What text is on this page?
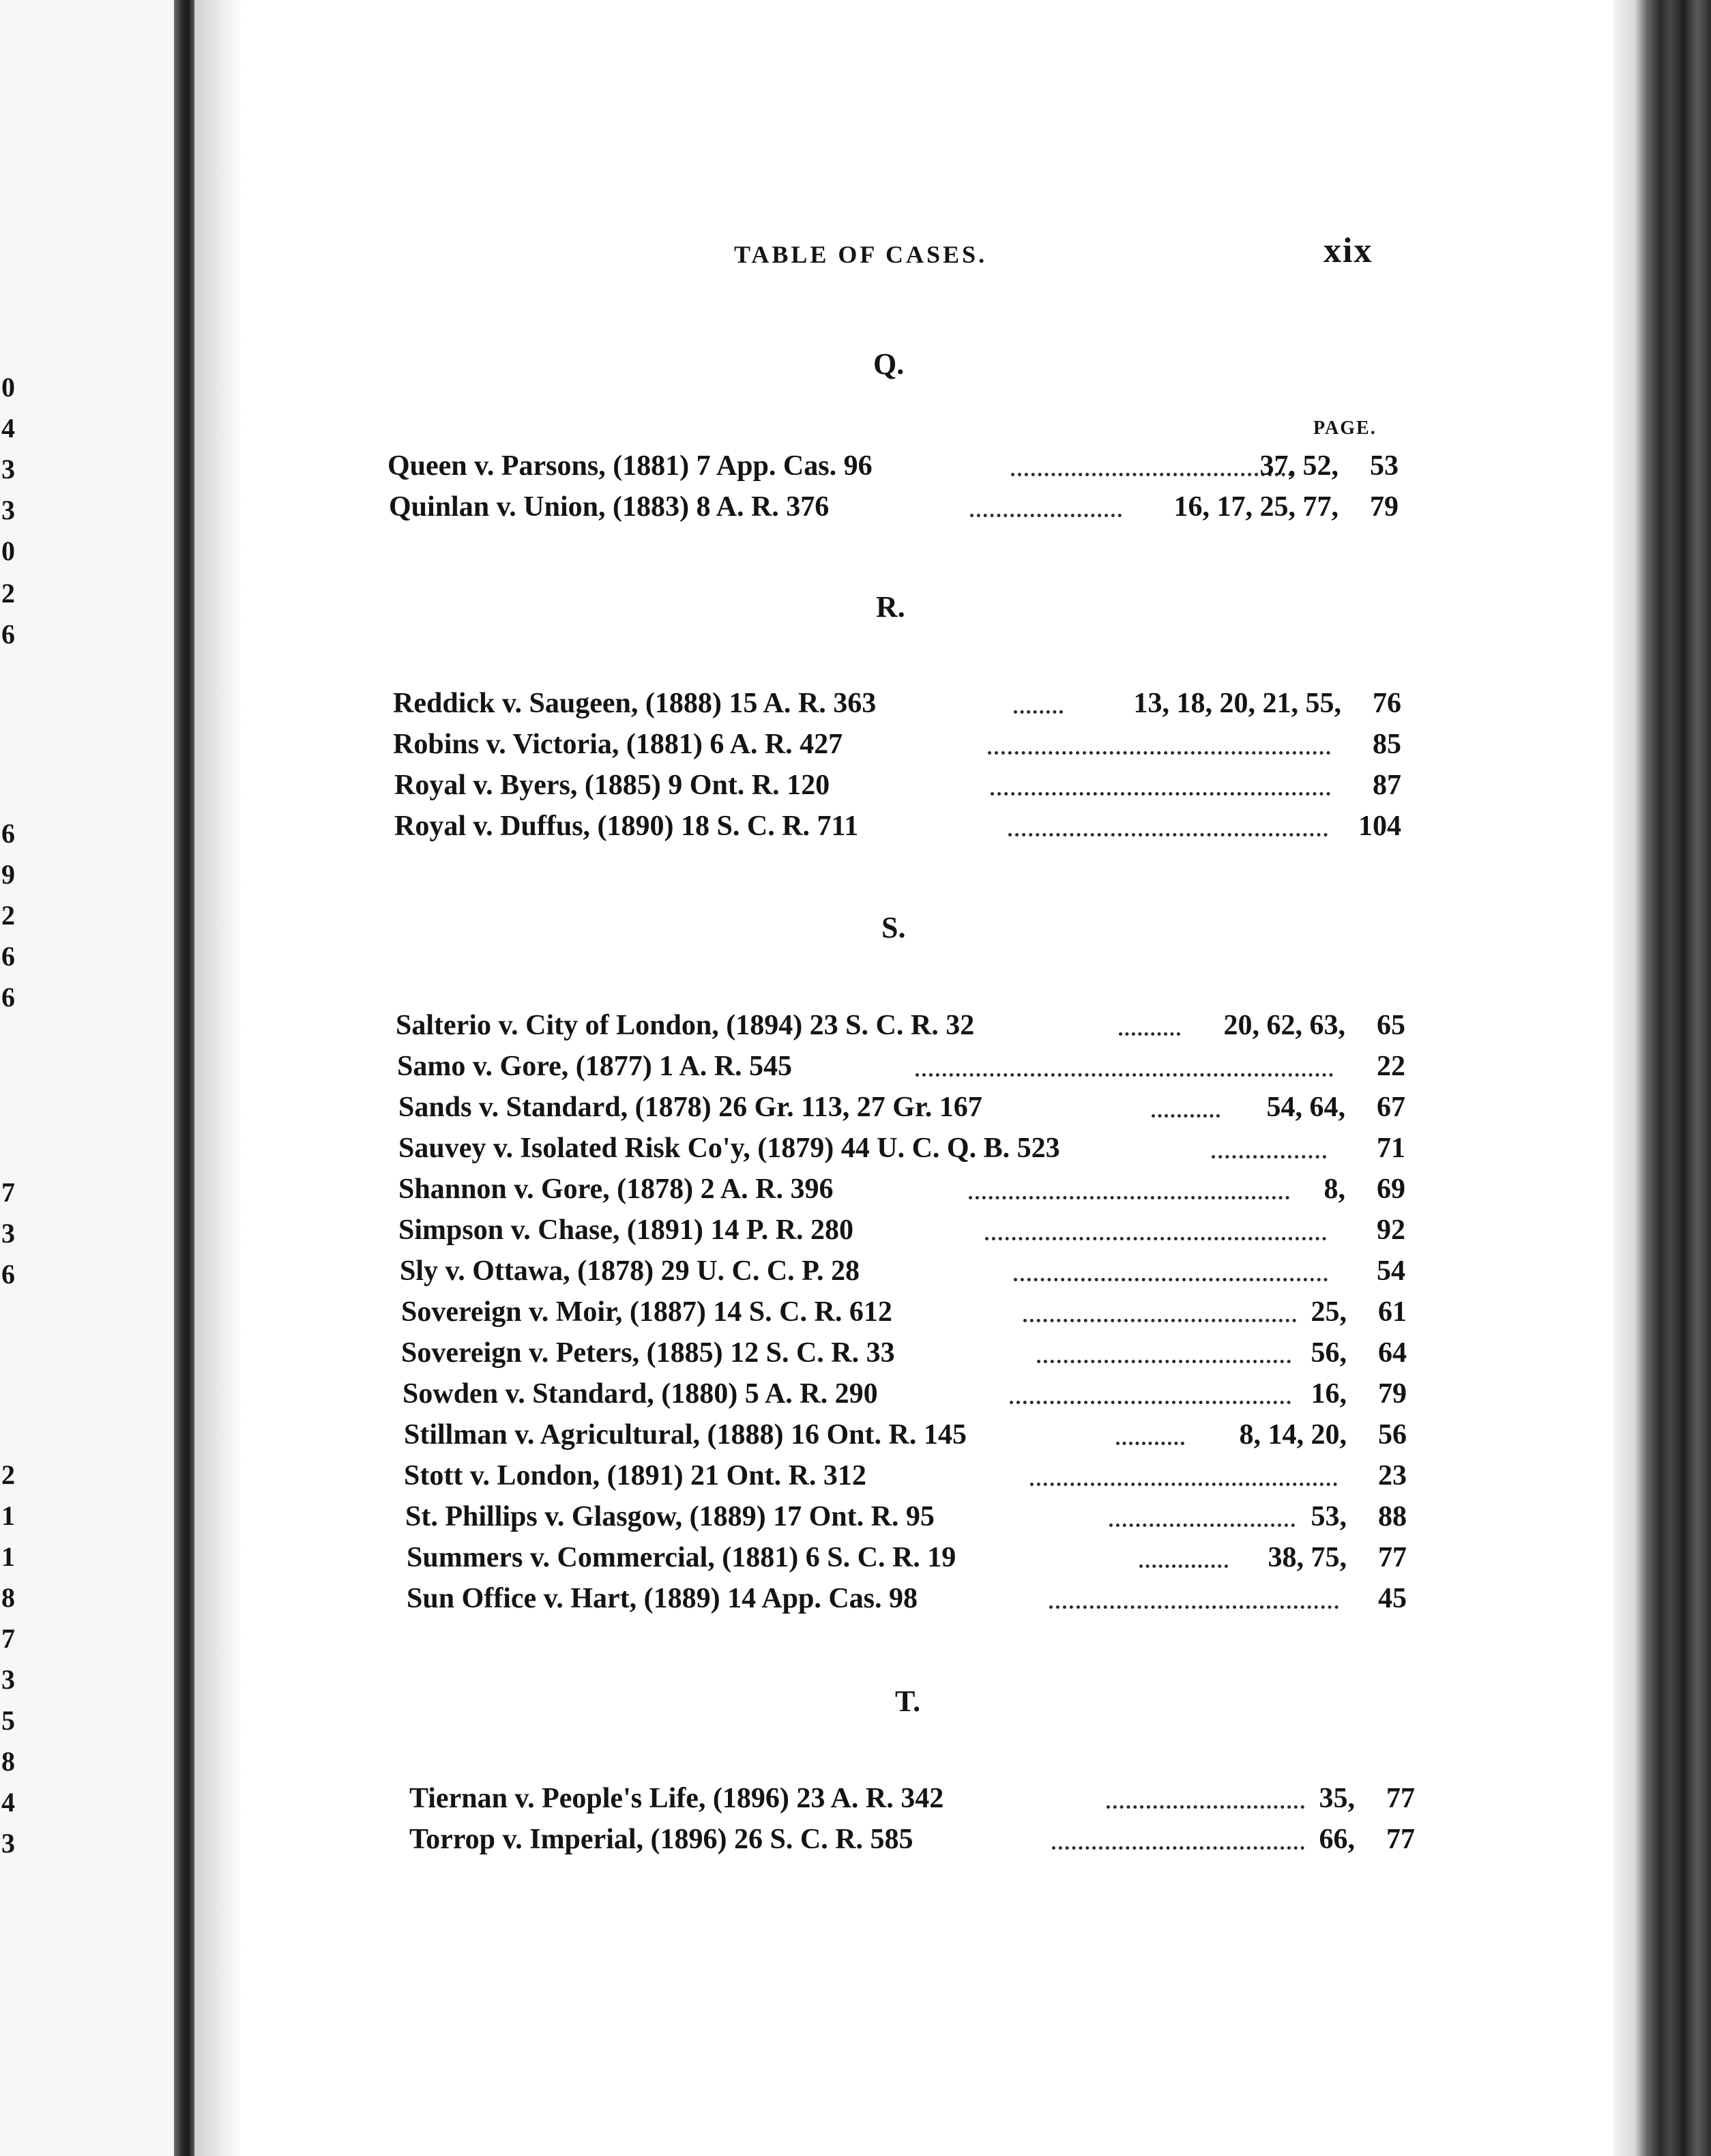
0
4
3
3
0
2
6
6
9
2
6
6
7
3
6
2
1
1
8
7
3
5
8
4
3
TABLE OF CASES.	xix
Q.
PAGE.
Queen v. Parsons, (1881) 7 App. Cas. 96	37, 52, 53
Quinlan v. Union, (1883) 8 A. R. 376	16, 17, 25, 77, 79
R.
Reddick v. Saugeen, (1888) 15 A. R. 363	13, 18, 20, 21, 55, 76
Robins v. Victoria, (1881) 6 A. R. 427	85
Royal v. Byers, (1885) 9 Ont. R. 120	87
Royal v. Duffus, (1890) 18 S. C. R. 711	104
S.
Salterio v. City of London, (1894) 23 S. C. R. 32	20, 62, 63, 65
Samo v. Gore, (1877) 1 A. R. 545	22
Sands v. Standard, (1878) 26 Gr. 113, 27 Gr. 167	54, 64, 67
Sauvey v. Isolated Risk Co'y, (1879) 44 U. C. Q. B. 523	71
Shannon v. Gore, (1878) 2 A. R. 396	8, 69
Simpson v. Chase, (1891) 14 P. R. 280	92
Sly v. Ottawa, (1878) 29 U. C. C. P. 28	54
Sovereign v. Moir, (1887) 14 S. C. R. 612	25, 61
Sovereign v. Peters, (1885) 12 S. C. R. 33	56, 64
Sowden v. Standard, (1880) 5 A. R. 290	16, 79
Stillman v. Agricultural, (1888) 16 Ont. R. 145	8, 14, 20, 56
Stott v. London, (1891) 21 Ont. R. 312	23
St. Phillips v. Glasgow, (1889) 17 Ont. R. 95	53, 88
Summers v. Commercial, (1881) 6 S. C. R. 19	38, 75, 77
Sun Office v. Hart, (1889) 14 App. Cas. 98	45
T.
Tiernan v. People's Life, (1896) 23 A. R. 342	35, 77
Torrop v. Imperial, (1896) 26 S. C. R. 585	66, 77
